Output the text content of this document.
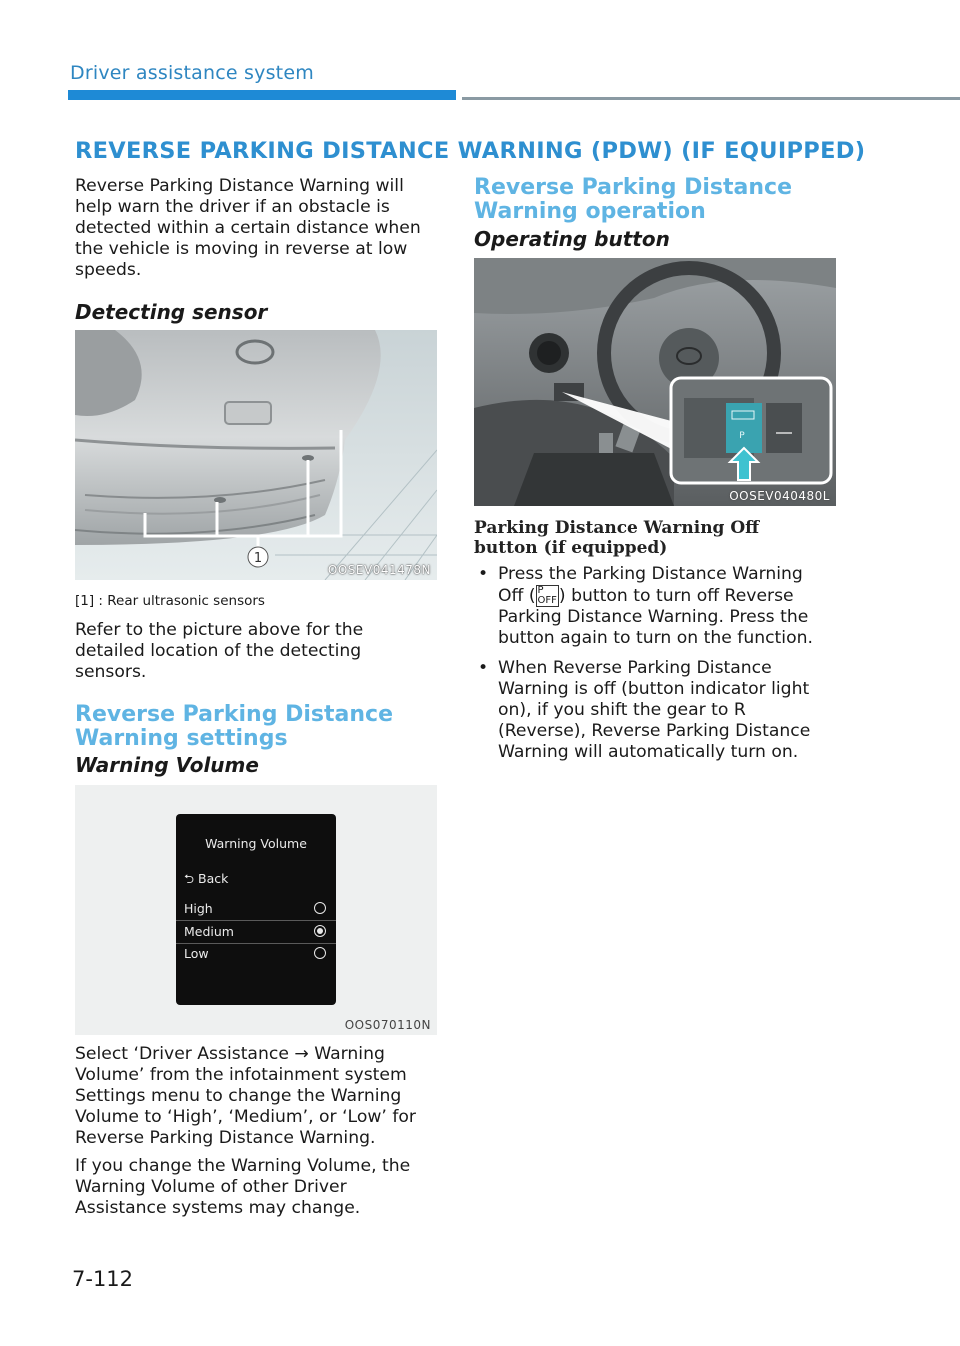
Driver assistance system
REVERSE PARKING DISTANCE WARNING (PDW) (IF EQUIPPED)
Reverse Parking Distance Warning will help warn the driver if an obstacle is detected within a certain distance when the vehicle is moving in reverse at low speeds.
Detecting sensor
1
OOSEV041478N
[1] : Rear ultrasonic sensors
Refer to the picture above for the detailed location of the detecting sensors.
Reverse Parking Distance
Warning settings
Warning Volume
Warning Volume
⮌ Back
High
Medium
Low
OOS070110N
Select ‘Driver Assistance → Warning Volume’ from the infotainment system Settings menu to change the Warning Volume to ‘High’, ‘Medium’, or ‘Low’ for Reverse Parking Distance Warning.
If you change the Warning Volume, the Warning Volume of other Driver Assistance systems may change.
Reverse Parking Distance
Warning operation
Operating button
P
OOSEV040480L
Parking Distance Warning Off button (if equipped)
• Press the Parking Distance Warning Off ( P
OFF ) button to turn off Reverse Parking Distance Warning. Press the button again to turn on the function.
• When Reverse Parking Distance Warning is off (button indicator light on), if you shift the gear to R (Reverse), Reverse Parking Distance Warning will automatically turn on.
7-112
